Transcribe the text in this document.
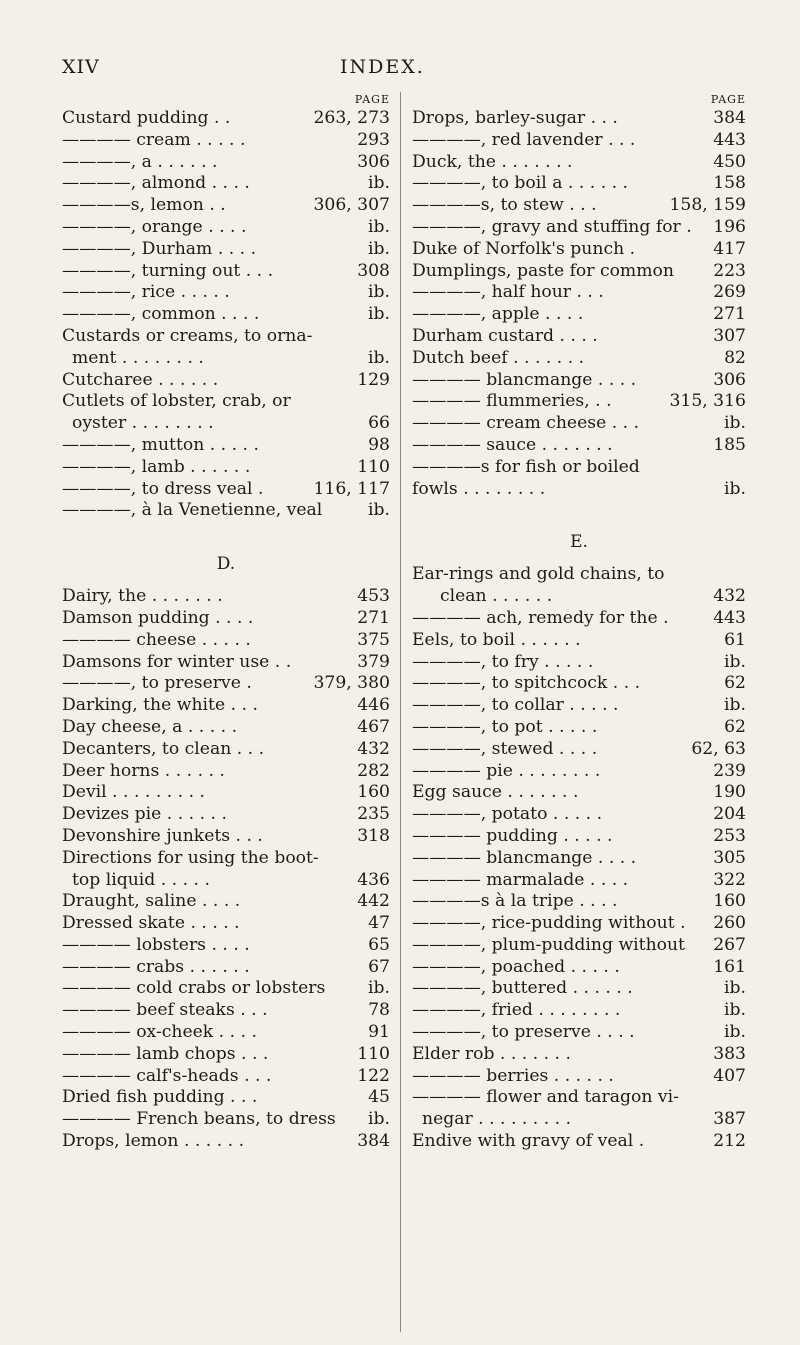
XIV	INDEX.
PAGE
Custard pudding . .	263, 273
———— cream . . . . .	293
————, a . . . . . .	306
————, almond . . . .	ib.
————s, lemon . .	306, 307
————, orange . . . .	ib.
————, Durham . . . .	ib.
————, turning out . . .	308
————, rice . . . . .	ib.
————, common . . . .	ib.
Custards or creams, to orna-
ment . . . . . . . .	ib.
Cutcharee . . . . . .	129
Cutlets of lobster, crab, or
oyster . . . . . . . .	66
————, mutton . . . . .	98
————, lamb . . . . . .	110
————, to dress veal .	116, 117
————, à la Venetienne, veal	ib.
D.
Dairy, the . . . . . . .	453
Damson pudding . . . .	271
———— cheese . . . . .	375
Damsons for winter use . .	379
————, to preserve .	379, 380
Darking, the white . . .	446
Day cheese, a . . . . .	467
Decanters, to clean . . .	432
Deer horns . . . . . .	282
Devil . . . . . . . . .	160
Devizes pie . . . . . .	235
Devonshire junkets . . .	318
Directions for using the boot-
top liquid . . . . .	436
Draught, saline . . . .	442
Dressed skate . . . . .	47
———— lobsters . . . .	65
———— crabs . . . . . .	67
———— cold crabs or lobsters ib.
———— beef steaks . . .	78
———— ox-cheek . . . .	91
———— lamb chops . . .	110
———— calf's-heads . . .	122
Dried fish pudding . . .	45
———— French beans, to dress ib.
Drops, lemon . . . . . .	384
PAGE
Drops, barley-sugar . . .	384
————, red lavender . . .	443
Duck, the . . . . . . .	450
————, to boil a . . . . . .	158
————s, to stew . . .	158, 159
————, gravy and stuffing for . 196
Duke of Norfolk's punch .	417
Dumplings, paste for common 223
————, half hour . . .	269
————, apple . . . .	271
Durham custard . . . .	307
Dutch beef . . . . . . .	82
———— blancmange . . . .	306
———— flummeries, . .	315, 316
———— cream cheese . . .	ib.
———— sauce . . . . . . .	185
————s for fish or boiled
fowls . . . . . . . .	ib.
E.
Ear-rings and gold chains, to
clean . . . . . .	432
———— ach, remedy for the .	443
Eels, to boil . . . . . .	61
————, to fry . . . . .	ib.
————, to spitchcock . . .	62
————, to collar . . . . .	ib.
————, to pot . . . . .	62
————, stewed . . . .	62, 63
———— pie . . . . . . . .	239
Egg sauce . . . . . . .	190
————, potato . . . . .	204
———— pudding . . . . .	253
———— blancmange . . . .	305
———— marmalade . . . .	322
————s à la tripe . . . .	160
————, rice-pudding without . 260
————, plum-pudding without 267
————, poached . . . . .	161
————, buttered . . . . . .	ib.
————, fried . . . . . . . .	ib.
————, to preserve . . . .	ib.
Elder rob . . . . . . .	383
———— berries . . . . . .	407
———— flower and taragon vi-
negar . . . . . . . . .	387
Endive with gravy of veal .	212
